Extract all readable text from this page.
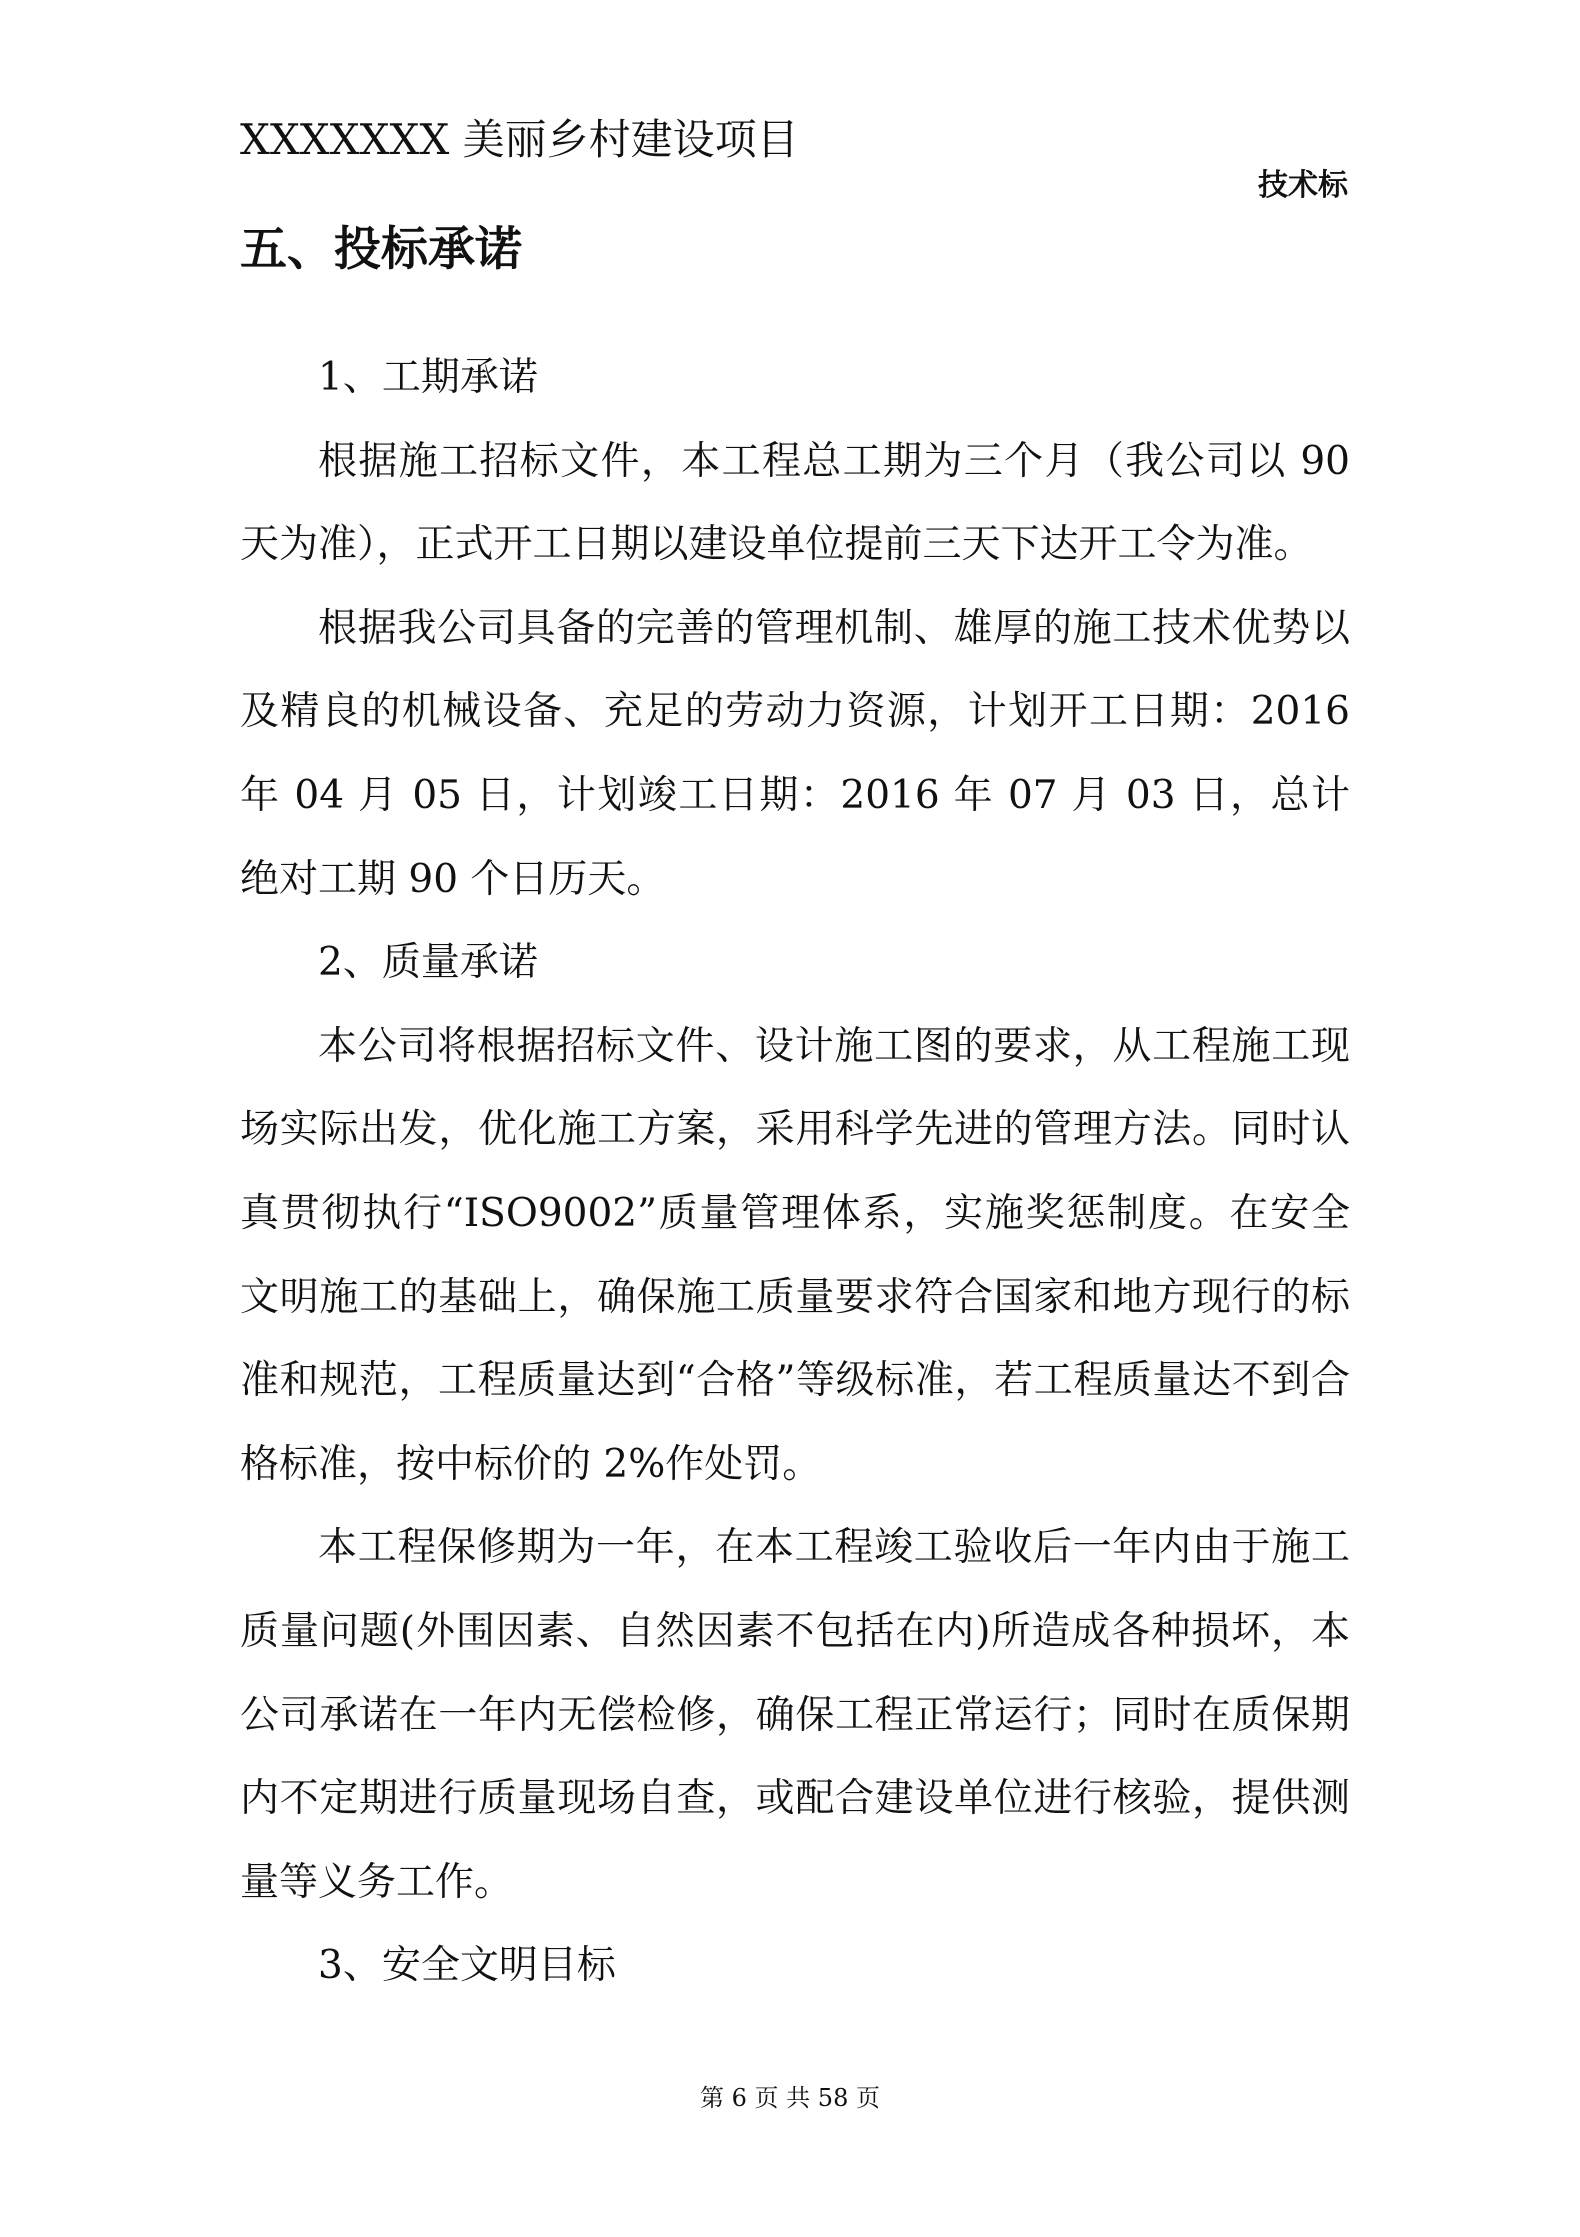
XXXXXXX 美丽乡村建设项目
技术标
五、投标承诺
1、工期承诺

根据施工招标文件，本工程总工期为三个月（我公司以 90 天为准），正式开工日期以建设单位提前三天下达开工令为准。

根据我公司具备的完善的管理机制、雄厚的施工技术优势以及精良的机械设备、充足的劳动力资源，计划开工日期：2016 年 04 月 05 日，计划竣工日期：2016 年 07 月 03 日，总计绝对工期 90 个日历天。

2、质量承诺

本公司将根据招标文件、设计施工图的要求，从工程施工现场实际出发，优化施工方案，采用科学先进的管理方法。同时认真贯彻执行“ISO9002”质量管理体系，实施奖惩制度。在安全文明施工的基础上，确保施工质量要求符合国家和地方现行的标准和规范，工程质量达到“合格”等级标准，若工程质量达不到合格标准，按中标价的 2%作处罚。

本工程保修期为一年，在本工程竣工验收后一年内由于施工质量问题(外围因素、自然因素不包括在内)所造成各种损坏，本公司承诺在一年内无偿检修，确保工程正常运行；同时在质保期内不定期进行质量现场自查，或配合建设单位进行核验，提供测量等义务工作。

3、安全文明目标
第 6 页 共 58 页
